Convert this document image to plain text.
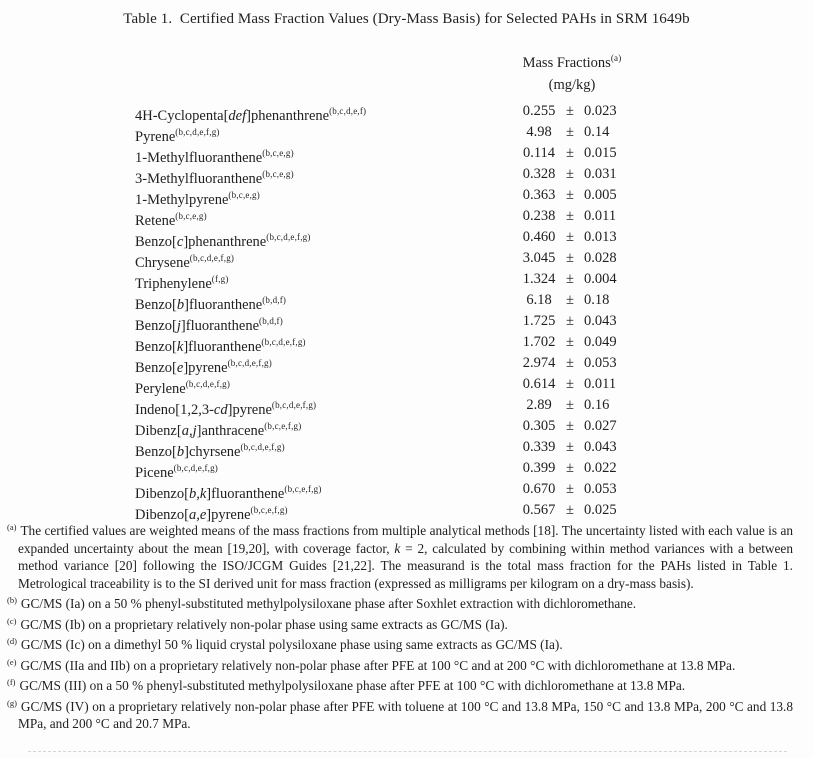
Table 1.  Certified Mass Fraction Values (Dry-Mass Basis) for Selected PAHs in SRM 1649b
Mass Fractions$^{(a)}$
(mg/kg)
4H-Cyclopenta[def]phenanthrene$^{(b,c,d,e,f)}$	0.255 ± 0.023
Pyrene$^{(b,c,d,e,f,g)}$	4.98 ± 0.14
1-Methylfluoranthene$^{(b,c,e,g)}$	0.114 ± 0.015
3-Methylfluoranthene$^{(b,c,e,g)}$	0.328 ± 0.031
1-Methylpyrene$^{(b,c,e,g)}$	0.363 ± 0.005
Retene$^{(b,c,e,g)}$	0.238 ± 0.011
Benzo[c]phenanthrene$^{(b,c,d,e,f,g)}$	0.460 ± 0.013
Chrysene$^{(b,c,d,e,f,g)}$	3.045 ± 0.028
Triphenylene$^{(f,g)}$	1.324 ± 0.004
Benzo[b]fluoranthene$^{(b,d,f)}$	6.18 ± 0.18
Benzo[j]fluoranthene$^{(b,d,f)}$	1.725 ± 0.043
Benzo[k]fluoranthene$^{(b,c,d,e,f,g)}$	1.702 ± 0.049
Benzo[e]pyrene$^{(b,c,d,e,f,g)}$	2.974 ± 0.053
Perylene$^{(b,c,d,e,f,g)}$	0.614 ± 0.011
Indeno[1,2,3-cd]pyrene$^{(b,c,d,e,f,g)}$	2.89 ± 0.16
Dibenz[a,j]anthracene$^{(b,c,e,f,g)}$	0.305 ± 0.027
Benzo[b]chyrsene$^{(b,c,d,e,f,g)}$	0.339 ± 0.043
Picene$^{(b,c,d,e,f,g)}$	0.399 ± 0.022
Dibenzo[b,k]fluoranthene$^{(b,c,e,f,g)}$	0.670 ± 0.053
Dibenzo[a,e]pyrene$^{(b,c,e,f,g)}$	0.567 ± 0.025
$^{(a)}$ The certified values are weighted means of the mass fractions from multiple analytical methods [18]. The uncertainty listed with each value is an expanded uncertainty about the mean [19,20], with coverage factor, k = 2, calculated by combining within method variances with a between method variance [20] following the ISO/JCGM Guides [21,22]. The measurand is the total mass fraction for the PAHs listed in Table 1. Metrological traceability is to the SI derived unit for mass fraction (expressed as milligrams per kilogram on a dry-mass basis).
$^{(b)}$ GC/MS (Ia) on a 50 % phenyl-substituted methylpolysiloxane phase after Soxhlet extraction with dichloromethane.
$^{(c)}$ GC/MS (Ib) on a proprietary relatively non-polar phase using same extracts as GC/MS (Ia).
$^{(d)}$ GC/MS (Ic) on a dimethyl 50 % liquid crystal polysiloxane phase using same extracts as GC/MS (Ia).
$^{(e)}$ GC/MS (IIa and IIb) on a proprietary relatively non-polar phase after PFE at 100 °C and at 200 °C with dichloromethane at 13.8 MPa.
$^{(f)}$ GC/MS (III) on a 50 % phenyl-substituted methylpolysiloxane phase after PFE at 100 °C with dichloromethane at 13.8 MPa.
$^{(g)}$ GC/MS (IV) on a proprietary relatively non-polar phase after PFE with toluene at 100 °C and 13.8 MPa, 150 °C and 13.8 MPa, 200 °C and 13.8 MPa, and 200 °C and 20.7 MPa.
